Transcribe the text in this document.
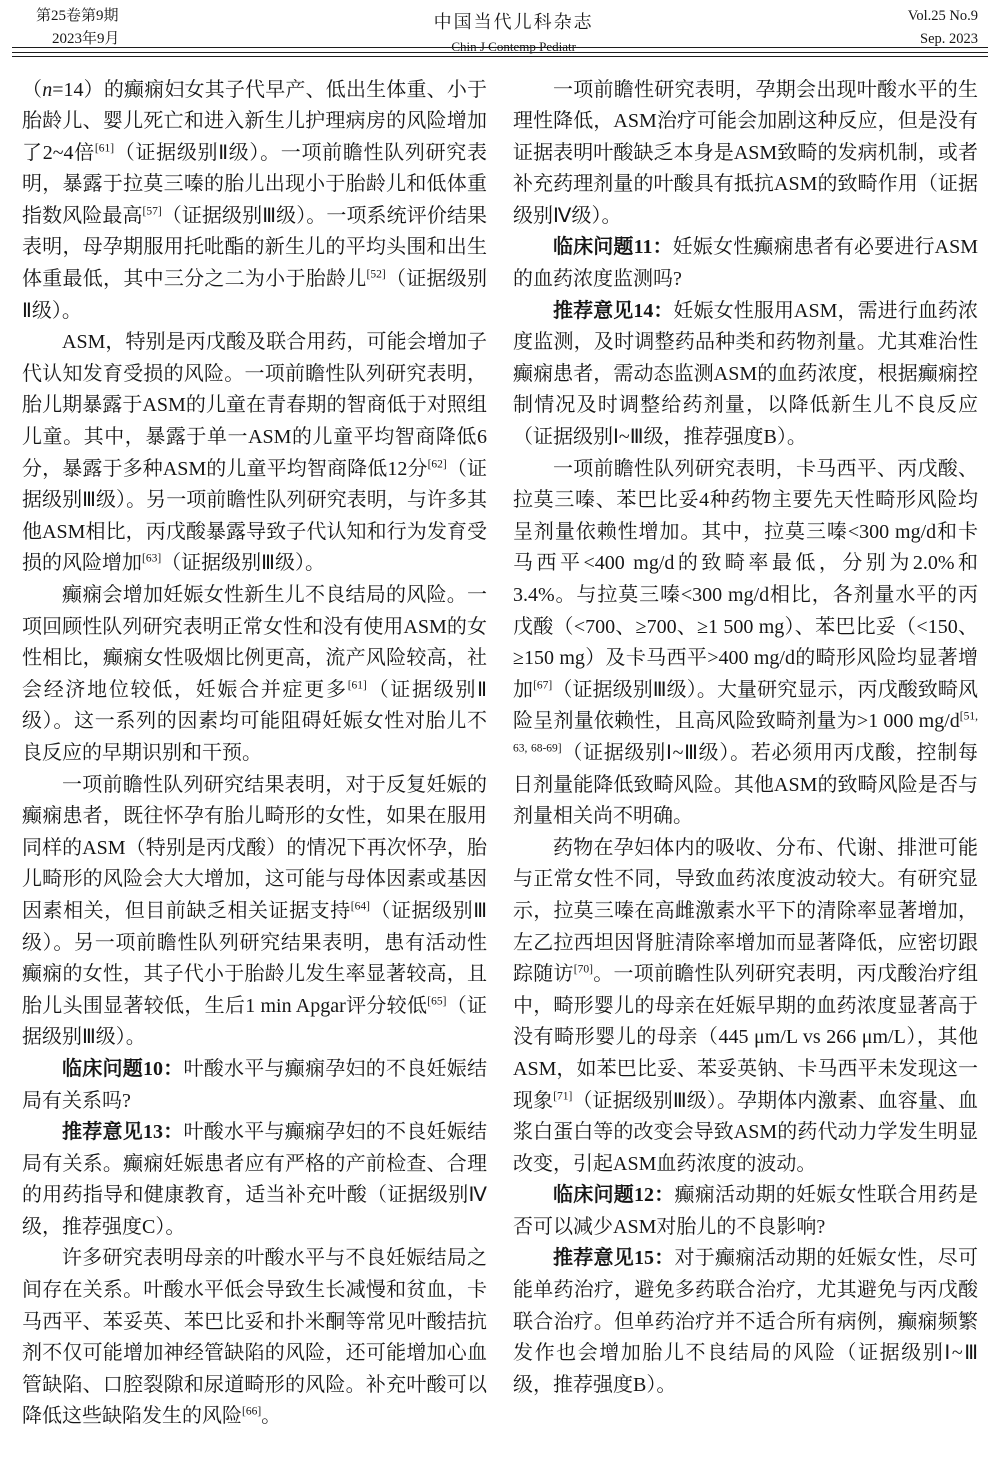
第25卷第9期
2023年9月
中国当代儿科杂志
Chin J Contemp Pediatr
Vol.25 No.9
Sep. 2023

（n=14）的癫痫妇女其子代早产、低出生体重、小于胎龄儿、婴儿死亡和进入新生儿护理病房的风险增加了2~4倍[61]（证据级别Ⅱ级）。一项前瞻性队列研究表明，暴露于拉莫三嗪的胎儿出现小于胎龄儿和低体重指数风险最高[57]（证据级别Ⅲ级）。一项系统评价结果表明，母孕期服用托吡酯的新生儿的平均头围和出生体重最低，其中三分之二为小于胎龄儿[52]（证据级别Ⅱ级）。

ASM，特别是丙戊酸及联合用药，可能会增加子代认知发育受损的风险。一项前瞻性队列研究表明，胎儿期暴露于ASM的儿童在青春期的智商低于对照组儿童。其中，暴露于单一ASM的儿童平均智商降低6分，暴露于多种ASM的儿童平均智商降低12分[62]（证据级别Ⅲ级）。另一项前瞻性队列研究表明，与许多其他ASM相比，丙戊酸暴露导致子代认知和行为发育受损的风险增加[63]（证据级别Ⅲ级）。

癫痫会增加妊娠女性新生儿不良结局的风险。一项回顾性队列研究表明正常女性和没有使用ASM的女性相比，癫痫女性吸烟比例更高，流产风险较高，社会经济地位较低，妊娠合并症更多[61]（证据级别Ⅱ级）。这一系列的因素均可能阻碍妊娠女性对胎儿不良反应的早期识别和干预。

一项前瞻性队列研究结果表明，对于反复妊娠的癫痫患者，既往怀孕有胎儿畸形的女性，如果在服用同样的ASM（特别是丙戊酸）的情况下再次怀孕，胎儿畸形的风险会大大增加，这可能与母体因素或基因因素相关，但目前缺乏相关证据支持[64]（证据级别Ⅲ级）。另一项前瞻性队列研究结果表明，患有活动性癫痫的女性，其子代小于胎龄儿发生率显著较高，且胎儿头围显著较低，生后1 min Apgar评分较低[65]（证据级别Ⅲ级）。

临床问题10：叶酸水平与癫痫孕妇的不良妊娠结局有关系吗?

推荐意见13：叶酸水平与癫痫孕妇的不良妊娠结局有关系。癫痫妊娠患者应有严格的产前检查、合理的用药指导和健康教育，适当补充叶酸（证据级别Ⅳ级，推荐强度C）。

许多研究表明母亲的叶酸水平与不良妊娠结局之间存在关系。叶酸水平低会导致生长减慢和贫血，卡马西平、苯妥英、苯巴比妥和扑米酮等常见叶酸拮抗剂不仅可能增加神经管缺陷的风险，还可能增加心血管缺陷、口腔裂隙和尿道畸形的风险。补充叶酸可以降低这些缺陷发生的风险[66]。

一项前瞻性研究表明，孕期会出现叶酸水平的生理性降低，ASM治疗可能会加剧这种反应，但是没有证据表明叶酸缺乏本身是ASM致畸的发病机制，或者补充药理剂量的叶酸具有抵抗ASM的致畸作用（证据级别Ⅳ级）。

临床问题11：妊娠女性癫痫患者有必要进行ASM的血药浓度监测吗?

推荐意见14：妊娠女性服用ASM，需进行血药浓度监测，及时调整药品种类和药物剂量。尤其难治性癫痫患者，需动态监测ASM的血药浓度，根据癫痫控制情况及时调整给药剂量，以降低新生儿不良反应（证据级别Ⅰ~Ⅲ级，推荐强度B）。

一项前瞻性队列研究表明，卡马西平、丙戊酸、拉莫三嗪、苯巴比妥4种药物主要先天性畸形风险均呈剂量依赖性增加。其中，拉莫三嗪<300 mg/d和卡马西平<400 mg/d的致畸率最低，分别为2.0%和3.4%。与拉莫三嗪<300 mg/d相比，各剂量水平的丙戊酸（<700、≥700、≥1 500 mg）、苯巴比妥（<150、≥150 mg）及卡马西平>400 mg/d的畸形风险均显著增加[67]（证据级别Ⅲ级）。大量研究显示，丙戊酸致畸风险呈剂量依赖性，且高风险致畸剂量为>1 000 mg/d[51, 63, 68-69]（证据级别Ⅰ~Ⅲ级）。若必须用丙戊酸，控制每日剂量能降低致畸风险。其他ASM的致畸风险是否与剂量相关尚不明确。

药物在孕妇体内的吸收、分布、代谢、排泄可能与正常女性不同，导致血药浓度波动较大。有研究显示，拉莫三嗪在高雌激素水平下的清除率显著增加，左乙拉西坦因肾脏清除率增加而显著降低，应密切跟踪随访[70]。一项前瞻性队列研究表明，丙戊酸治疗组中，畸形婴儿的母亲在妊娠早期的血药浓度显著高于没有畸形婴儿的母亲（445 μm/L vs 266 μm/L），其他ASM，如苯巴比妥、苯妥英钠、卡马西平未发现这一现象[71]（证据级别Ⅲ级）。孕期体内激素、血容量、血浆白蛋白等的改变会导致ASM的药代动力学发生明显改变，引起ASM血药浓度的波动。

临床问题12：癫痫活动期的妊娠女性联合用药是否可以减少ASM对胎儿的不良影响?

推荐意见15：对于癫痫活动期的妊娠女性，尽可能单药治疗，避免多药联合治疗，尤其避免与丙戊酸联合治疗。但单药治疗并不适合所有病例，癫痫频繁发作也会增加胎儿不良结局的风险（证据级别Ⅰ~Ⅲ级，推荐强度B）。
